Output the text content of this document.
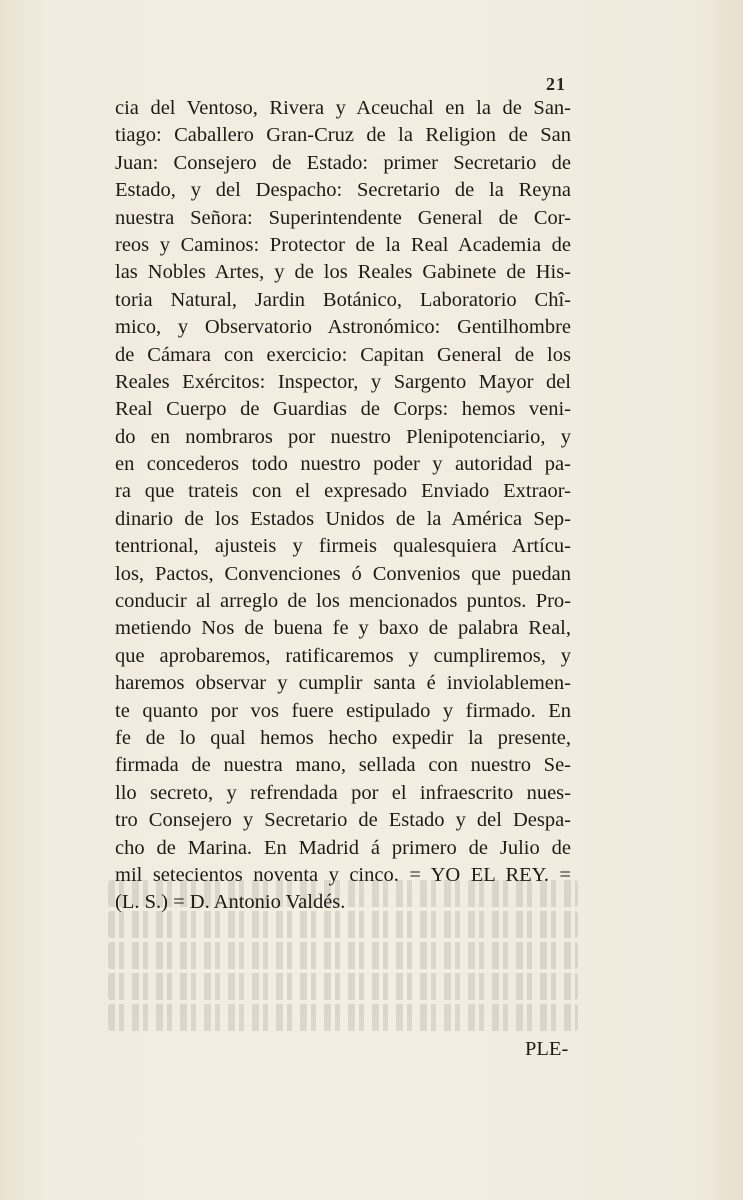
21
cia del Ventoso, Rivera y Aceuchal en la de San-
tiago: Caballero Gran-Cruz de la Religion de San
Juan: Consejero de Estado: primer Secretario de
Estado, y del Despacho: Secretario de la Reyna
nuestra Señora: Superintendente General de Cor-
reos y Caminos: Protector de la Real Academia de
las Nobles Artes, y de los Reales Gabinete de His-
toria Natural, Jardin Botánico, Laboratorio Chî-
mico, y Observatorio Astronómico: Gentilhombre
de Cámara con exercicio: Capitan General de los
Reales Exércitos: Inspector, y Sargento Mayor del
Real Cuerpo de Guardias de Corps: hemos veni-
do en nombraros por nuestro Plenipotenciario, y
en concederos todo nuestro poder y autoridad pa-
ra que trateis con el expresado Enviado Extraor-
dinario de los Estados Unidos de la América Sep-
tentrional, ajusteis y firmeis qualesquiera Artícu-
los, Pactos, Convenciones ó Convenios que puedan
conducir al arreglo de los mencionados puntos. Pro-
metiendo Nos de buena fe y baxo de palabra Real,
que aprobaremos, ratificaremos y cumpliremos, y
haremos observar y cumplir santa é inviolablemen-
te quanto por vos fuere estipulado y firmado. En
fe de lo qual hemos hecho expedir la presente,
firmada de nuestra mano, sellada con nuestro Se-
llo secreto, y refrendada por el infraescrito nues-
tro Consejero y Secretario de Estado y del Despa-
cho de Marina. En Madrid á primero de Julio de
mil setecientos noventa y cinco. = YO EL REY. =
(L. S.) = D. Antonio Valdés.
PLE-
